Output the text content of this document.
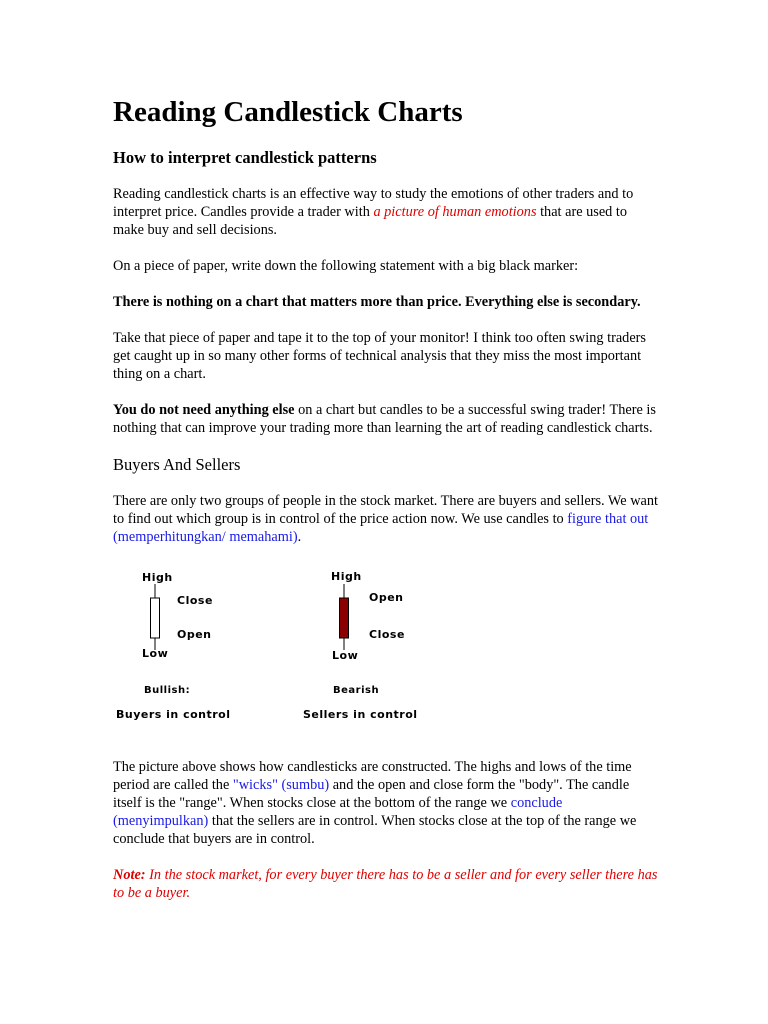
Reading Candlestick Charts
How to interpret candlestick patterns

Reading candlestick charts is an effective way to study the emotions of other traders and to interpret price. Candles provide a trader with a picture of human emotions that are used to make buy and sell decisions.

On a piece of paper, write down the following statement with a big black marker:

There is nothing on a chart that matters more than price. Everything else is secondary.

Take that piece of paper and tape it to the top of your monitor! I think too often swing traders get caught up in so many other forms of technical analysis that they miss the most important thing on a chart.

You do not need anything else on a chart but candles to be a successful swing trader! There is nothing that can improve your trading more than learning the art of reading candlestick charts.

Buyers And Sellers

There are only two groups of people in the stock market. There are buyers and sellers. We want to find out which group is in control of the price action now. We use candles to figure that out (memperhitungkan/ memahami).

High
Close
Open
Low
Bullish:
Buyers in control
High
Open
Close
Low
Bearish
Sellers in control

The picture above shows how candlesticks are constructed. The highs and lows of the time period are called the "wicks" (sumbu) and the open and close form the "body". The candle itself is the "range". When stocks close at the bottom of the range we conclude (menyimpulkan) that the sellers are in control. When stocks close at the top of the range we conclude that buyers are in control.

Note: In the stock market, for every buyer there has to be a seller and for every seller there has to be a buyer.
